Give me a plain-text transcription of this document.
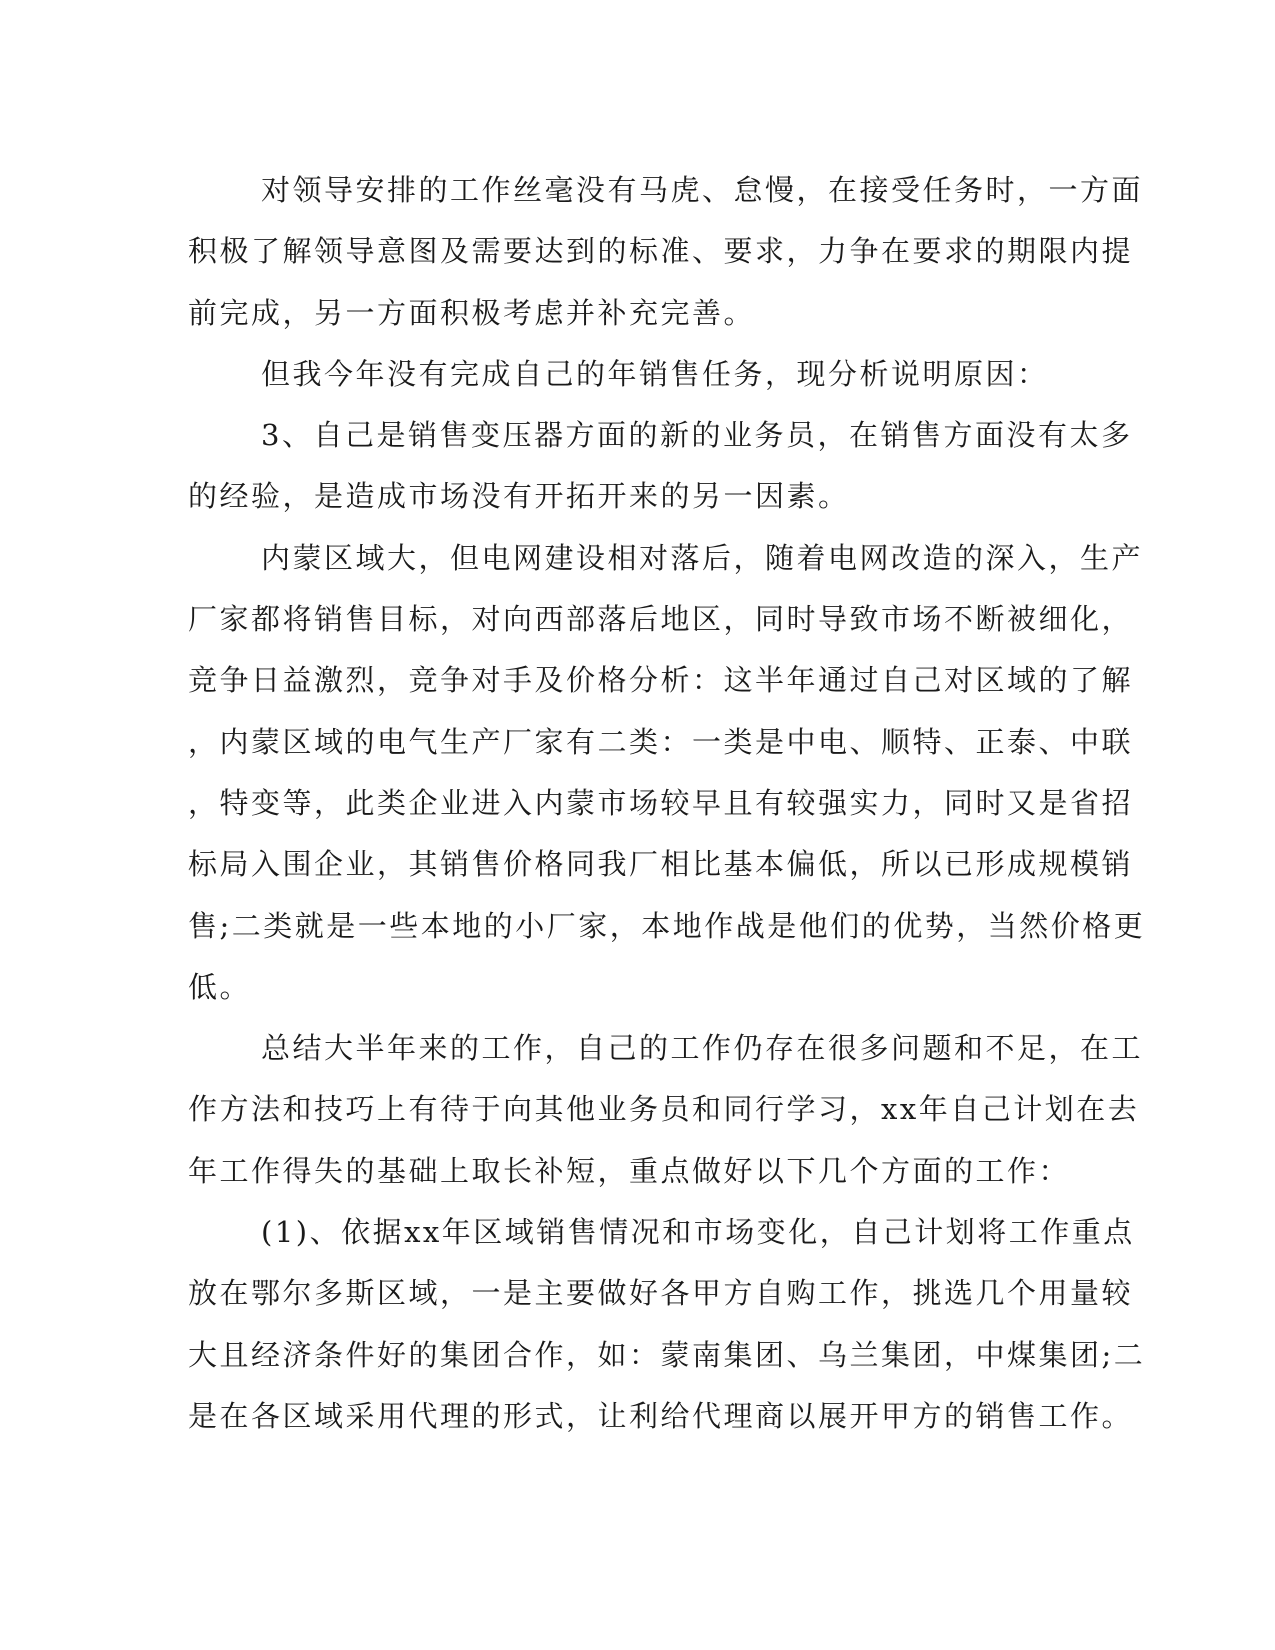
对领导安排的工作丝毫没有马虎、怠慢，在接受任务时，一方面
积极了解领导意图及需要达到的标准、要求，力争在要求的期限内提
前完成，另一方面积极考虑并补充完善。
但我今年没有完成自己的年销售任务，现分析说明原因：
3、自己是销售变压器方面的新的业务员，在销售方面没有太多
的经验，是造成市场没有开拓开来的另一因素。
内蒙区域大，但电网建设相对落后，随着电网改造的深入，生产
厂家都将销售目标，对向西部落后地区，同时导致市场不断被细化，
竞争日益激烈，竞争对手及价格分析：这半年通过自己对区域的了解
，内蒙区域的电气生产厂家有二类：一类是中电、顺特、正泰、中联
，特变等，此类企业进入内蒙市场较早且有较强实力，同时又是省招
标局入围企业，其销售价格同我厂相比基本偏低，所以已形成规模销
售;二类就是一些本地的小厂家，本地作战是他们的优势，当然价格更
低。
总结大半年来的工作，自己的工作仍存在很多问题和不足，在工
作方法和技巧上有待于向其他业务员和同行学习，xx年自己计划在去
年工作得失的基础上取长补短，重点做好以下几个方面的工作：
(1)、依据xx年区域销售情况和市场变化，自己计划将工作重点
放在鄂尔多斯区域，一是主要做好各甲方自购工作，挑选几个用量较
大且经济条件好的集团合作，如：蒙南集团、乌兰集团，中煤集团;二
是在各区域采用代理的形式，让利给代理商以展开甲方的销售工作。
